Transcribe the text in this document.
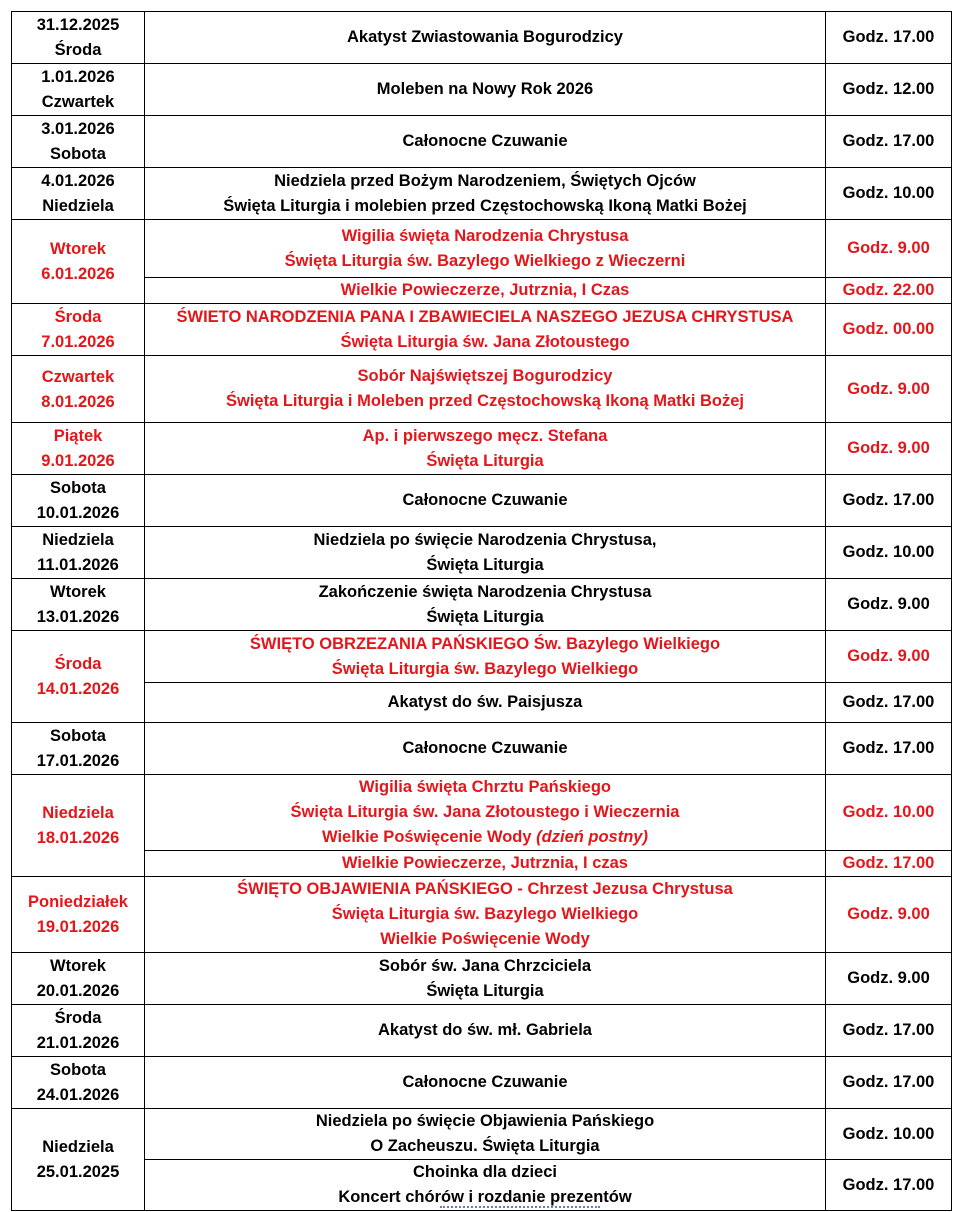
31.12.2025
Środa	Akatyst Zwiastowania Bogurodzicy	Godz. 17.00

1.01.2026
Czwartek	Moleben na Nowy Rok 2026	Godz. 12.00

3.01.2026
Sobota	Całonocne Czuwanie	Godz. 17.00

4.01.2026
Niedziela	Niedziela przed Bożym Narodzeniem, Świętych Ojców
Święta Liturgia i molebien przed Częstochowską Ikoną Matki Bożej	Godz. 10.00

Wtorek
6.01.2026	Wigilia święta Narodzenia Chrystusa
Święta Liturgia św. Bazylego Wielkiego z Wieczerni	Godz. 9.00

	Wielkie Powieczerze, Jutrznia, I Czas	Godz. 22.00

Środa
7.01.2026	ŚWIETO NARODZENIA PANA I ZBAWIECIELA NASZEGO JEZUSA CHRYSTUSA
Święta Liturgia św. Jana Złotoustego	Godz. 00.00

Czwartek
8.01.2026	Sobór Najświętszej Bogurodzicy
Święta Liturgia i Moleben przed Częstochowską Ikoną Matki Bożej	Godz. 9.00

Piątek
9.01.2026	Ap. i pierwszego męcz. Stefana
Święta Liturgia	Godz. 9.00

Sobota
10.01.2026	Całonocne Czuwanie	Godz. 17.00

Niedziela
11.01.2026	Niedziela po święcie Narodzenia Chrystusa,
Święta Liturgia	Godz. 10.00

Wtorek
13.01.2026	Zakończenie święta Narodzenia Chrystusa
Święta Liturgia	Godz. 9.00

Środa
14.01.2026	ŚWIĘTO OBRZEZANIA PAŃSKIEGO Św. Bazylego Wielkiego
Święta Liturgia św. Bazylego Wielkiego	Godz. 9.00

	Akatyst do św. Paisjusza	Godz. 17.00

Sobota
17.01.2026	Całonocne Czuwanie	Godz. 17.00

Niedziela
18.01.2026	Wigilia święta Chrztu Pańskiego
Święta Liturgia św. Jana Złotoustego i Wieczernia
Wielkie Poświęcenie Wody (dzień postny)	Godz. 10.00

	Wielkie Powieczerze, Jutrznia, I czas	Godz. 17.00

Poniedziałek
19.01.2026	ŚWIĘTO OBJAWIENIA PAŃSKIEGO - Chrzest Jezusa Chrystusa
Święta Liturgia św. Bazylego Wielkiego
Wielkie Poświęcenie Wody	Godz. 9.00

Wtorek
20.01.2026	Sobór św. Jana Chrzciciela
Święta Liturgia	Godz. 9.00

Środa
21.01.2026	Akatyst do św. mł. Gabriela	Godz. 17.00

Sobota
24.01.2026	Całonocne Czuwanie	Godz. 17.00

Niedziela
25.01.2025	Niedziela po święcie Objawienia Pańskiego
O Zacheuszu. Święta Liturgia	Godz. 10.00

	Choinka dla dzieci
Koncert chórów i rozdanie prezentów	Godz. 17.00
